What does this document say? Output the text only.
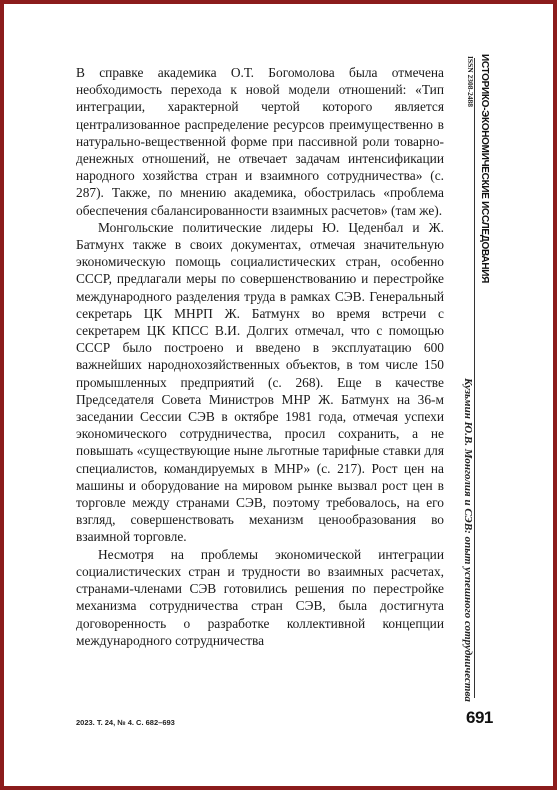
В справке академика О.Т. Богомолова была отмечена необходимость перехода к новой модели отношений: «Тип интеграции, характерной чертой которого является централизованное распределение ресурсов преимущественно в натурально-вещественной форме при пассивной роли товарно-денежных отношений, не отвечает задачам интенсификации народного хозяйства стран и взаимного сотрудничества» (с. 287). Также, по мнению академика, обострилась «проблема обеспечения сбалансированности взаимных расчетов» (там же).

Монгольские политические лидеры Ю. Цеденбал и Ж. Батмунх также в своих документах, отмечая значительную экономическую помощь социалистических стран, особенно СССР, предлагали меры по совершенствованию и перестройке международного разделения труда в рамках СЭВ. Генеральный секретарь ЦК МНРП Ж. Батмунх во время встречи с секретарем ЦК КПСС В.И. Долгих отмечал, что с помощью СССР было построено и введено в эксплуатацию 600 важнейших народнохозяйственных объектов, в том числе 150 промышленных предприятий (с. 268). Еще в качестве Председателя Совета Министров МНР Ж. Батмунх на 36-м заседании Сессии СЭВ в октябре 1981 года, отмечая успехи экономического сотрудничества, просил сохранить, а не повышать «существующие ныне льготные тарифные ставки для специалистов, командируемых в МНР» (с. 217). Рост цен на машины и оборудование на мировом рынке вызвал рост цен в торговле между странами СЭВ, поэтому требовалось, на его взгляд, совершенствовать механизм ценообразования во взаимной торговле.

Несмотря на проблемы экономической интеграции социалистических стран и трудности во взаимных расчетах, странами-членами СЭВ готовились решения по перестройке механизма сотрудничества стран СЭВ, была достигнута договоренность о разработке коллективной концепции международного сотрудничества

ИСТОРИКО-ЭКОНОМИЧЕСКИЕ ИССЛЕДОВАНИЯ
ISSN 2308-2488
Кузьмин Ю.В. Монголия и СЭВ: опыт успешного сотрудничества
2023. Т. 24, № 4. С. 682–693	691
